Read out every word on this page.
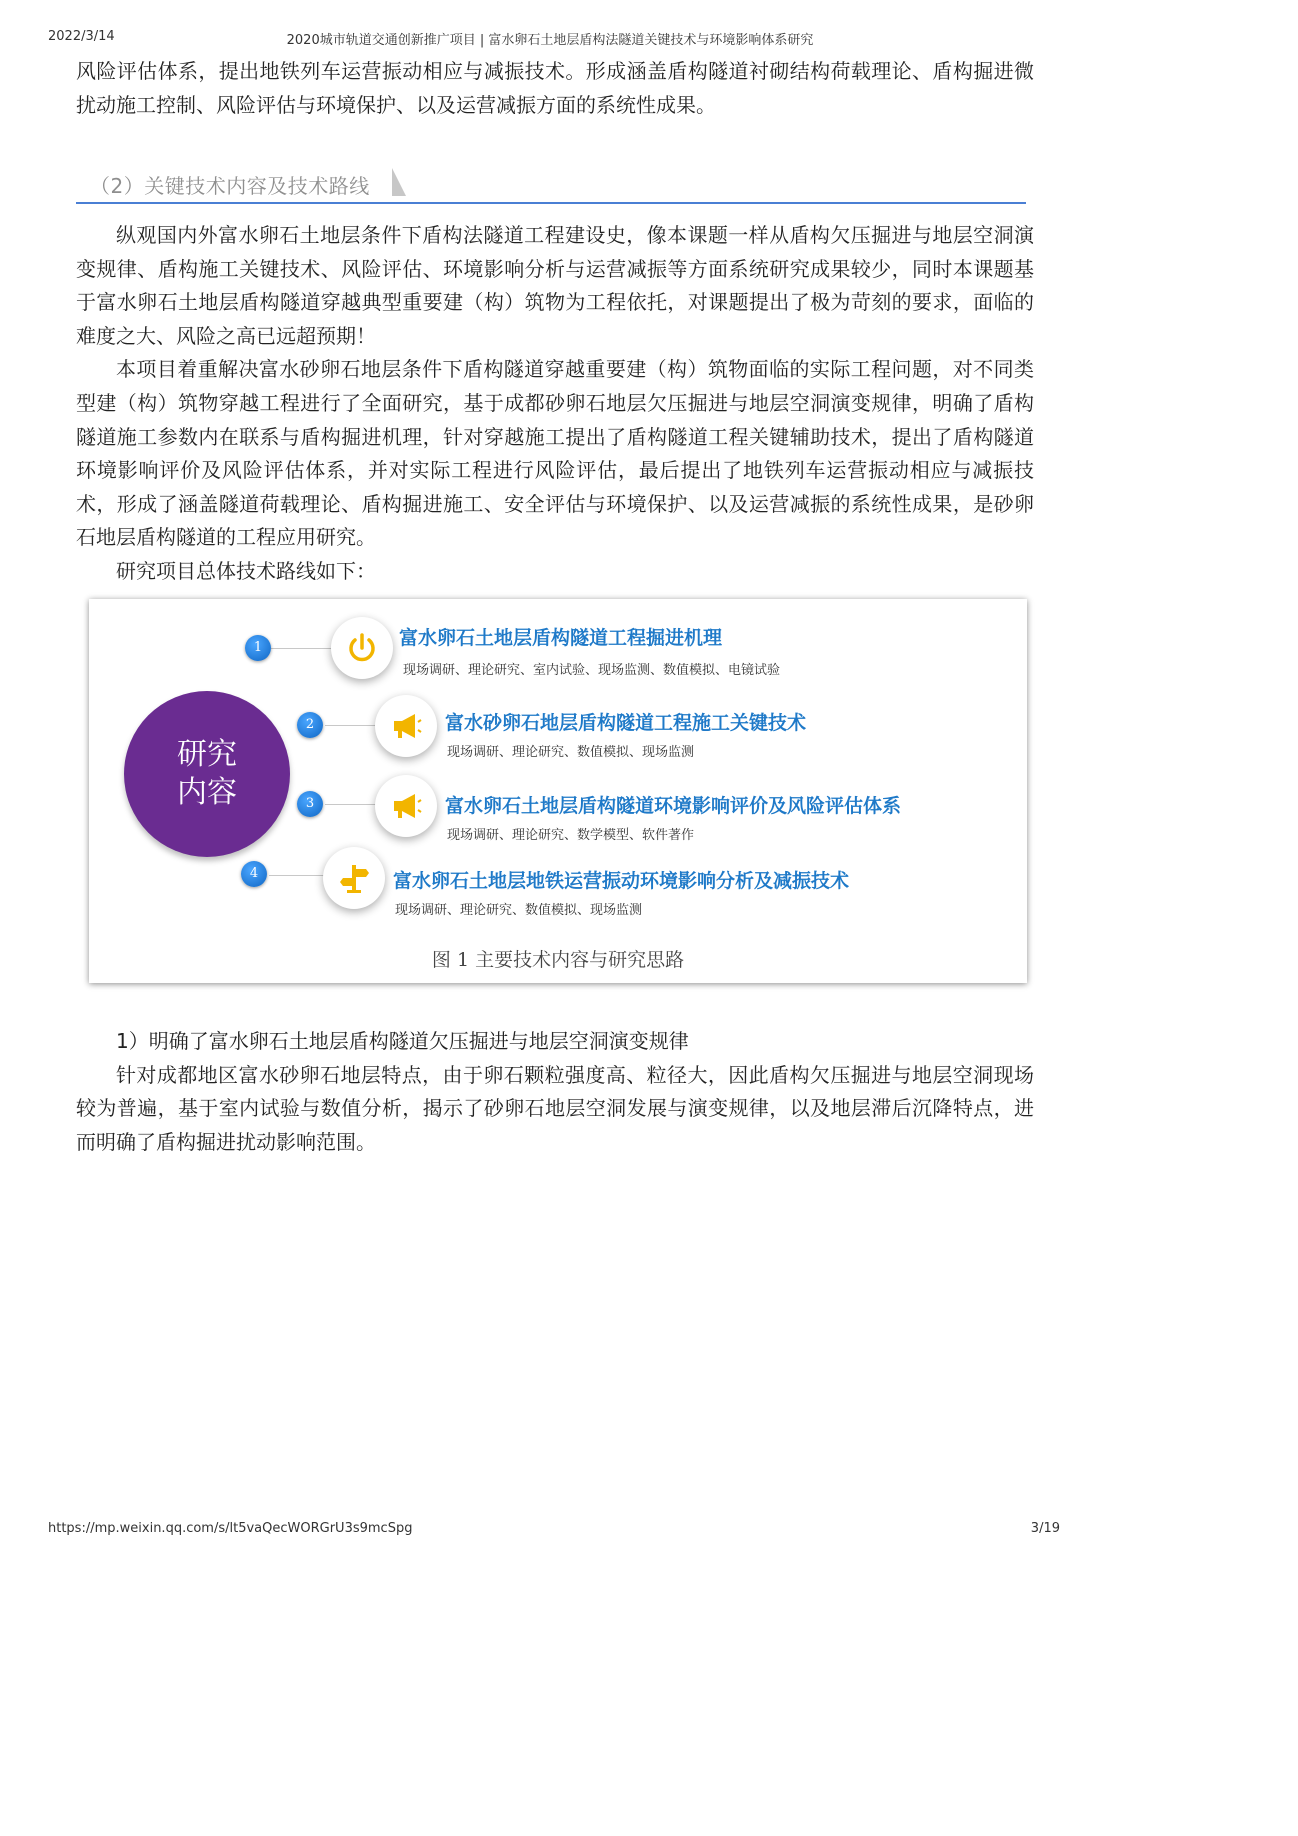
2022/3/14	2020城市轨道交通创新推广项目 | 富水卵石土地层盾构法隧道关键技术与环境影响体系研究

风险评估体系，提出地铁列车运营振动相应与减振技术。形成涵盖盾构隧道衬砌结构荷载理论、盾构掘进微扰动施工控制、风险评估与环境保护、以及运营减振方面的系统性成果。

（2）关键技术内容及技术路线

纵观国内外富水卵石土地层条件下盾构法隧道工程建设史，像本课题一样从盾构欠压掘进与地层空洞演变规律、盾构施工关键技术、风险评估、环境影响分析与运营减振等方面系统研究成果较少，同时本课题基于富水卵石土地层盾构隧道穿越典型重要建（构）筑物为工程依托，对课题提出了极为苛刻的要求，面临的难度之大、风险之高已远超预期！

本项目着重解决富水砂卵石地层条件下盾构隧道穿越重要建（构）筑物面临的实际工程问题，对不同类型建（构）筑物穿越工程进行了全面研究，基于成都砂卵石地层欠压掘进与地层空洞演变规律，明确了盾构隧道施工参数内在联系与盾构掘进机理，针对穿越施工提出了盾构隧道工程关键辅助技术，提出了盾构隧道环境影响评价及风险评估体系，并对实际工程进行风险评估，最后提出了地铁列车运营振动相应与减振技术，形成了涵盖隧道荷载理论、盾构掘进施工、安全评估与环境保护、以及运营减振的系统性成果，是砂卵石地层盾构隧道的工程应用研究。

研究项目总体技术路线如下：

研究
内容
1	富水卵石土地层盾构隧道工程掘进机理
现场调研、理论研究、室内试验、现场监测、数值模拟、电镜试验
2	富水砂卵石地层盾构隧道工程施工关键技术
现场调研、理论研究、数值模拟、现场监测
3	富水卵石土地层盾构隧道环境影响评价及风险评估体系
现场调研、理论研究、数学模型、软件著作
4	富水卵石土地层地铁运营振动环境影响分析及减振技术
现场调研、理论研究、数值模拟、现场监测
图 1 主要技术内容与研究思路

1）明确了富水卵石土地层盾构隧道欠压掘进与地层空洞演变规律

针对成都地区富水砂卵石地层特点，由于卵石颗粒强度高、粒径大，因此盾构欠压掘进与地层空洞现场较为普遍，基于室内试验与数值分析，揭示了砂卵石地层空洞发展与演变规律，以及地层滞后沉降特点，进而明确了盾构掘进扰动影响范围。

https://mp.weixin.qq.com/s/lt5vaQecWORGrU3s9mcSpg	3/19
